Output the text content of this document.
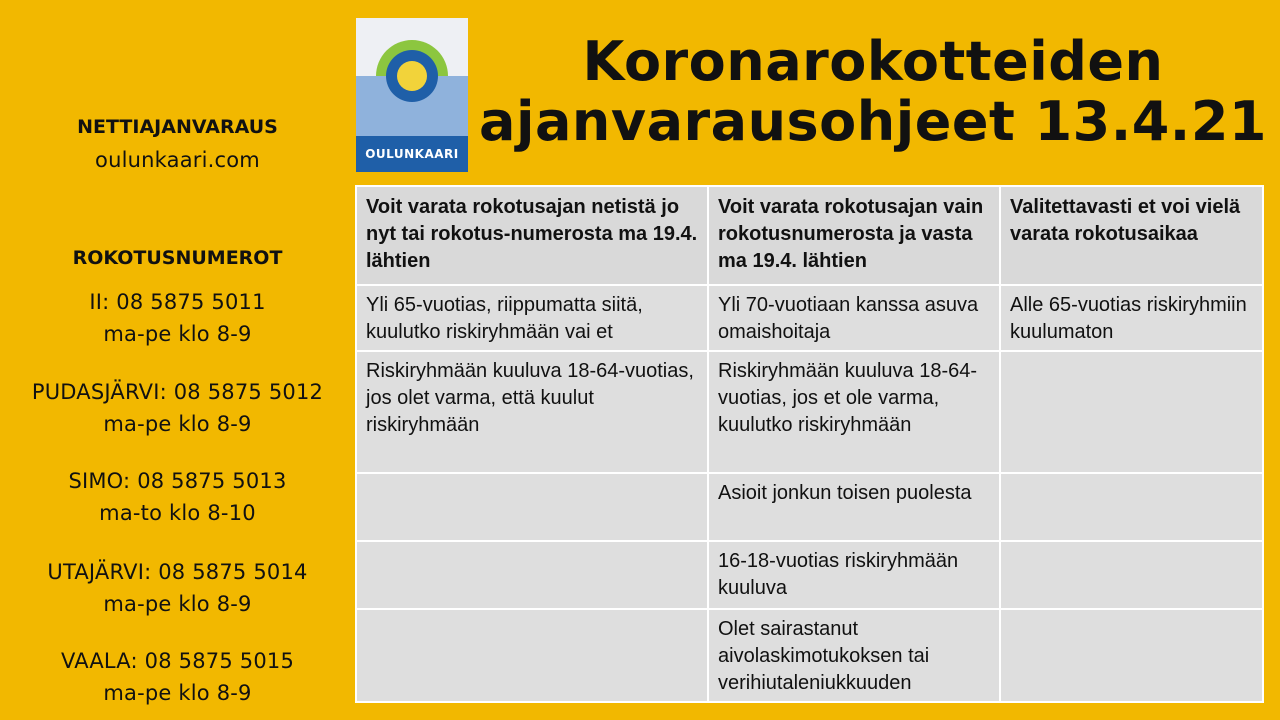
NETTIAJANVARAUS
oulunkaari.com
ROKOTUSNUMEROT
II: 08 5875 5011
ma-pe klo 8-9
PUDASJÄRVI: 08 5875 5012
ma-pe klo 8-9
SIMO: 08 5875 5013
ma-to klo 8-10
UTAJÄRVI: 08 5875 5014
ma-pe klo 8-9
VAALA: 08 5875 5015
ma-pe klo 8-9
OULUNKAARI
Koronarokotteiden
ajanvarausohjeet 13.4.21
Voit varata rokotusajan netistä jo nyt tai rokotus-numerosta ma 19.4. lähtien	Voit varata rokotusajan vain rokotusnumerosta ja vasta ma 19.4. lähtien	Valitettavasti et voi vielä varata rokotusaikaa
Yli 65-vuotias, riippumatta siitä, kuulutko riskiryhmään vai et	Yli 70-vuotiaan kanssa asuva omaishoitaja	Alle 65-vuotias riskiryhmiin kuulumaton
Riskiryhmään kuuluva 18-64-vuotias, jos olet varma, että kuulut riskiryhmään	Riskiryhmään kuuluva 18-64-vuotias, jos et ole varma, kuulutko riskiryhmään	
	Asioit jonkun toisen puolesta	
	16-18-vuotias riskiryhmään kuuluva	
	Olet sairastanut aivolaskimotukoksen tai verihiutaleniukkuuden	
